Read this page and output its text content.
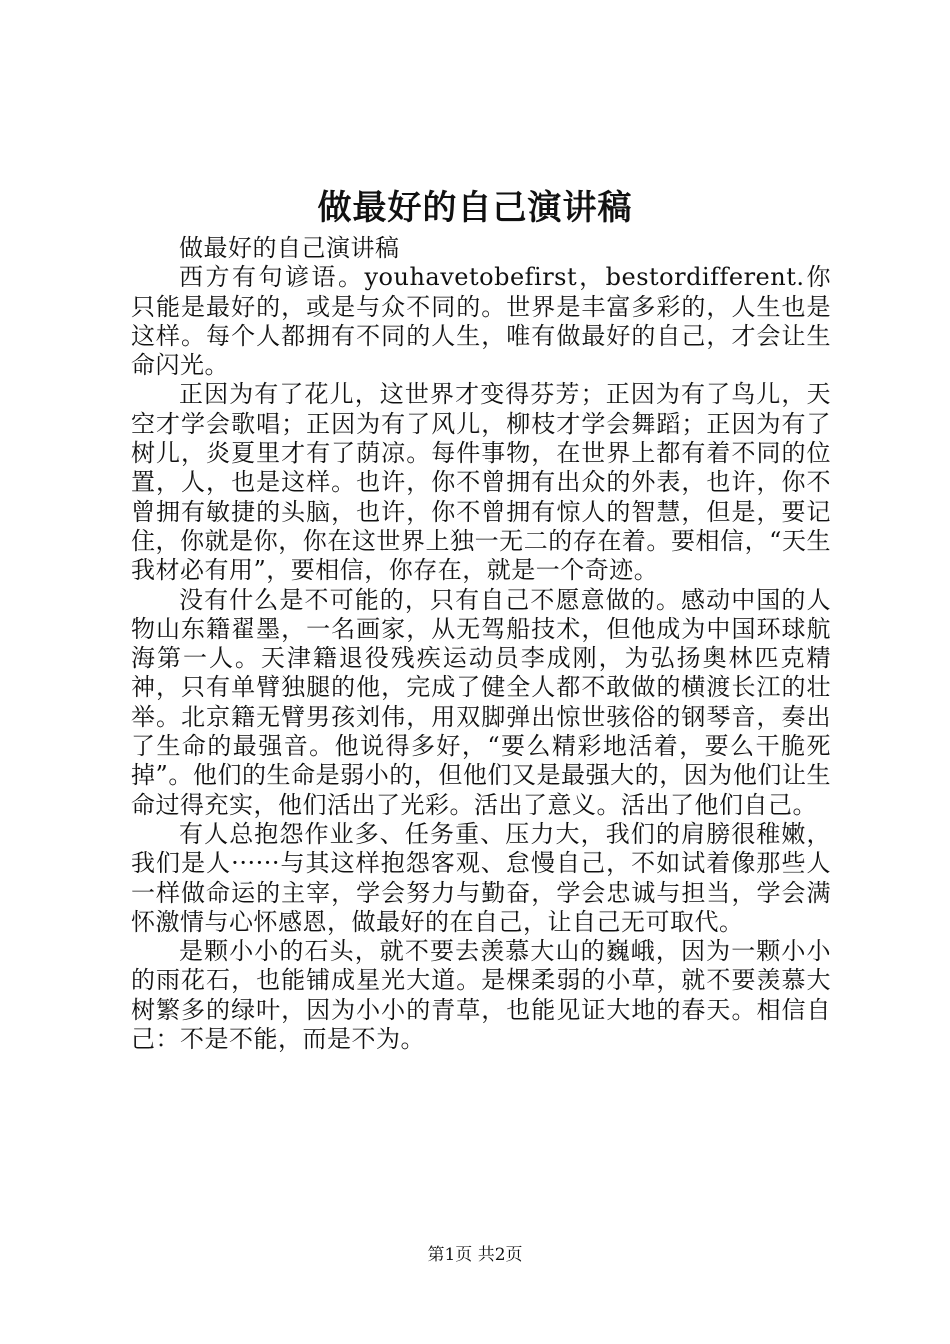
做最好的自己演讲稿

做最好的自己演讲稿

西方有句谚语。youhavetobefirst，bestordifferent.你只能是最好的，或是与众不同的。世界是丰富多彩的，人生也是这样。每个人都拥有不同的人生，唯有做最好的自己，才会让生命闪光。

正因为有了花儿，这世界才变得芬芳；正因为有了鸟儿，天空才学会歌唱；正因为有了风儿，柳枝才学会舞蹈；正因为有了树儿，炎夏里才有了荫凉。每件事物，在世界上都有着不同的位置，人，也是这样。也许，你不曾拥有出众的外表，也许，你不曾拥有敏捷的头脑，也许，你不曾拥有惊人的智慧，但是，要记住，你就是你，你在这世界上独一无二的存在着。要相信，“天生我材必有用”，要相信，你存在，就是一个奇迹。

没有什么是不可能的，只有自己不愿意做的。感动中国的人物山东籍翟墨，一名画家，从无驾船技术，但他成为中国环球航海第一人。天津籍退役残疾运动员李成刚，为弘扬奥林匹克精神，只有单臂独腿的他，完成了健全人都不敢做的横渡长江的壮举。北京籍无臂男孩刘伟，用双脚弹出惊世骇俗的钢琴音，奏出了生命的最强音。他说得多好，“要么精彩地活着，要么干脆死掉”。他们的生命是弱小的，但他们又是最强大的，因为他们让生命过得充实，他们活出了光彩。活出了意义。活出了他们自己。

有人总抱怨作业多、任务重、压力大，我们的肩膀很稚嫩，我们是人······与其这样抱怨客观、怠慢自己，不如试着像那些人一样做命运的主宰，学会努力与勤奋，学会忠诚与担当，学会满怀激情与心怀感恩，做最好的在自己，让自己无可取代。

是颗小小的石头，就不要去羡慕大山的巍峨，因为一颗小小的雨花石，也能铺成星光大道。是棵柔弱的小草，就不要羡慕大树繁多的绿叶，因为小小的青草，也能见证大地的春天。相信自己：不是不能，而是不为。

第1页 共2页
